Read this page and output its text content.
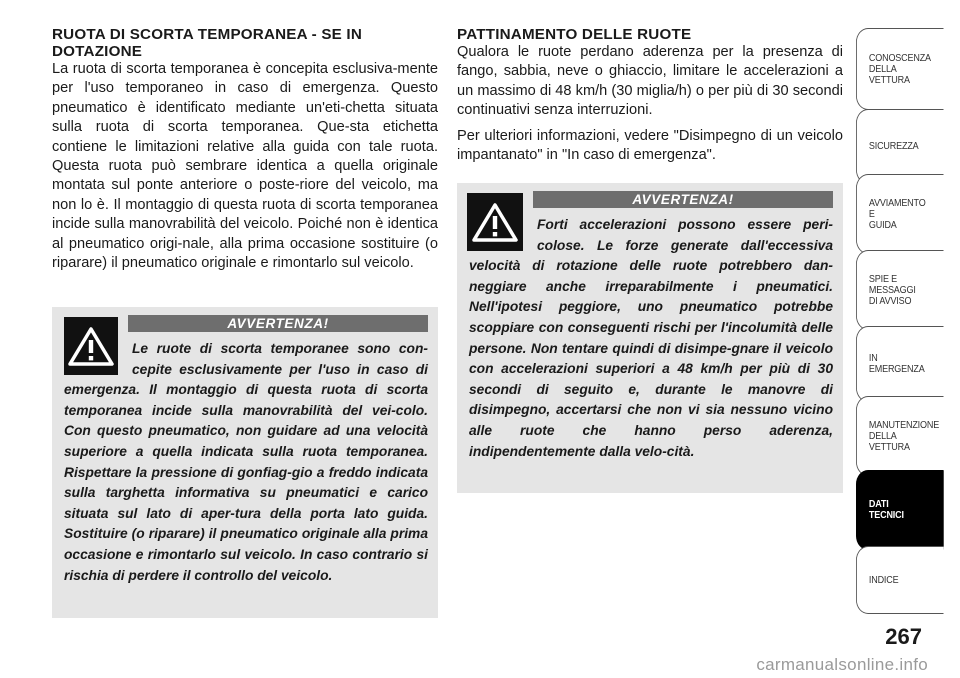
RUOTA DI SCORTA TEMPORANEA - SE IN DOTAZIONE

La ruota di scorta temporanea è concepita esclusiva-mente per l'uso temporaneo in caso di emergenza. Questo pneumatico è identificato mediante un'eti-chetta situata sulla ruota di scorta temporanea. Que-sta etichetta contiene le limitazioni relative alla guida con tale ruota. Questa ruota può sembrare identica a quella originale montata sul ponte anteriore o poste-riore del veicolo, ma non lo è. Il montaggio di questa ruota di scorta temporanea incide sulla manovrabilità del veicolo. Poiché non è identica al pneumatico origi-nale, alla prima occasione sostituire (o riparare) il pneumatico originale e rimontarlo sul veicolo.

AVVERTENZA!

Le ruote di scorta temporanee sono con-cepite esclusivamente per l'uso in caso di emergenza. Il montaggio di questa ruota di scorta temporanea incide sulla manovrabilità del vei-colo. Con questo pneumatico, non guidare ad una velocità superiore a quella indicata sulla ruota temporanea. Rispettare la pressione di gonfiag-gio a freddo indicata sulla targhetta informativa su pneumatici e carico situata sul lato di aper-tura della porta lato guida. Sostituire (o riparare) il pneumatico originale alla prima occasione e rimontarlo sul veicolo. In caso contrario si rischia di perdere il controllo del veicolo.

PATTINAMENTO DELLE RUOTE

Qualora le ruote perdano aderenza per la presenza di fango, sabbia, neve o ghiaccio, limitare le accelerazioni a un massimo di 48 km/h (30 miglia/h) o per più di 30 secondi continuativi senza interruzioni.

Per ulteriori informazioni, vedere "Disimpegno di un veicolo impantanato" in "In caso di emergenza".

AVVERTENZA!

Forti accelerazioni possono essere peri-colose. Le forze generate dall'eccessiva velocità di rotazione delle ruote potrebbero dan-neggiare anche irreparabilmente i pneumatici. Nell'ipotesi peggiore, uno pneumatico potrebbe scoppiare con conseguenti rischi per l'incolumità delle persone. Non tentare quindi di disimpe-gnare il veicolo con accelerazioni superiori a 48 km/h per più di 30 secondi di seguito e, durante le manovre di disimpegno, accertarsi che non vi sia nessuno vicino alle ruote che hanno perso aderenza, indipendentemente dalla velo-cità.

CONOSCENZA
DELLA
VETTURA
SICUREZZA
AVVIAMENTO
E
GUIDA
SPIE E
MESSAGGI
DI AVVISO
IN
EMERGENZA
MANUTENZIONE
DELLA
VETTURA
DATI
TECNICI
INDICE
267
carmanualsonline.info
